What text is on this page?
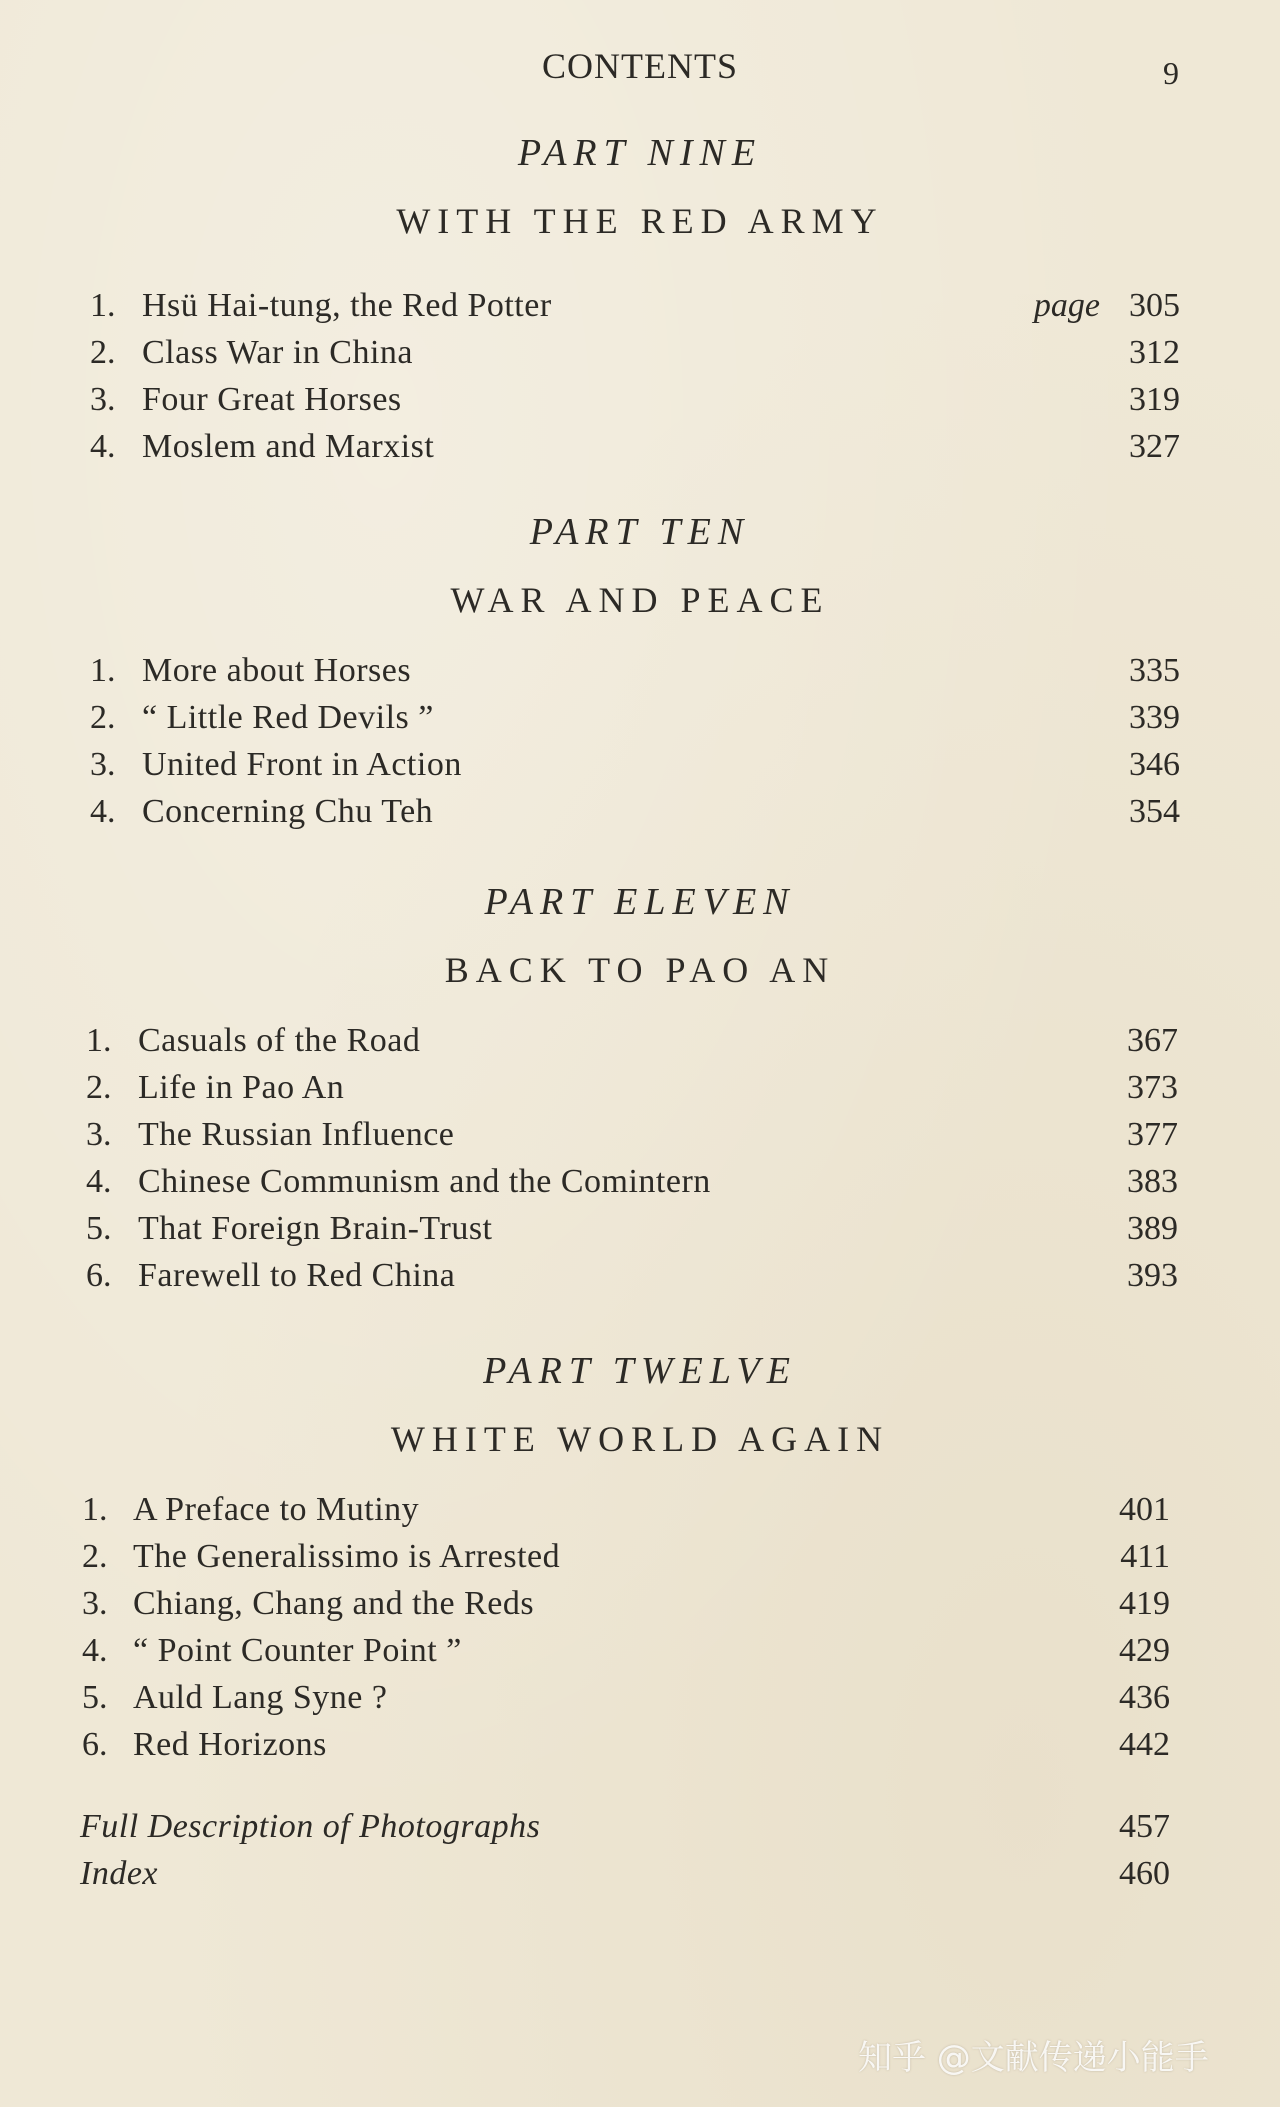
CONTENTS	9
PART NINE
WITH THE RED ARMY
1. Hsü Hai-tung, the Red Potter	page 305
2. Class War in China	312
3. Four Great Horses	319
4. Moslem and Marxist	327
PART TEN
WAR AND PEACE
1. More about Horses	335
2. “ Little Red Devils ”	339
3. United Front in Action	346
4. Concerning Chu Teh	354
PART ELEVEN
BACK TO PAO AN
1. Casuals of the Road	367
2. Life in Pao An	373
3. The Russian Influence	377
4. Chinese Communism and the Comintern	383
5. That Foreign Brain-Trust	389
6. Farewell to Red China	393
PART TWELVE
WHITE WORLD AGAIN
1. A Preface to Mutiny	401
2. The Generalissimo is Arrested	411
3. Chiang, Chang and the Reds	419
4. “ Point Counter Point ”	429
5. Auld Lang Syne ?	436
6. Red Horizons	442
Full Description of Photographs	457
Index	460
知乎 @文献传递小能手
